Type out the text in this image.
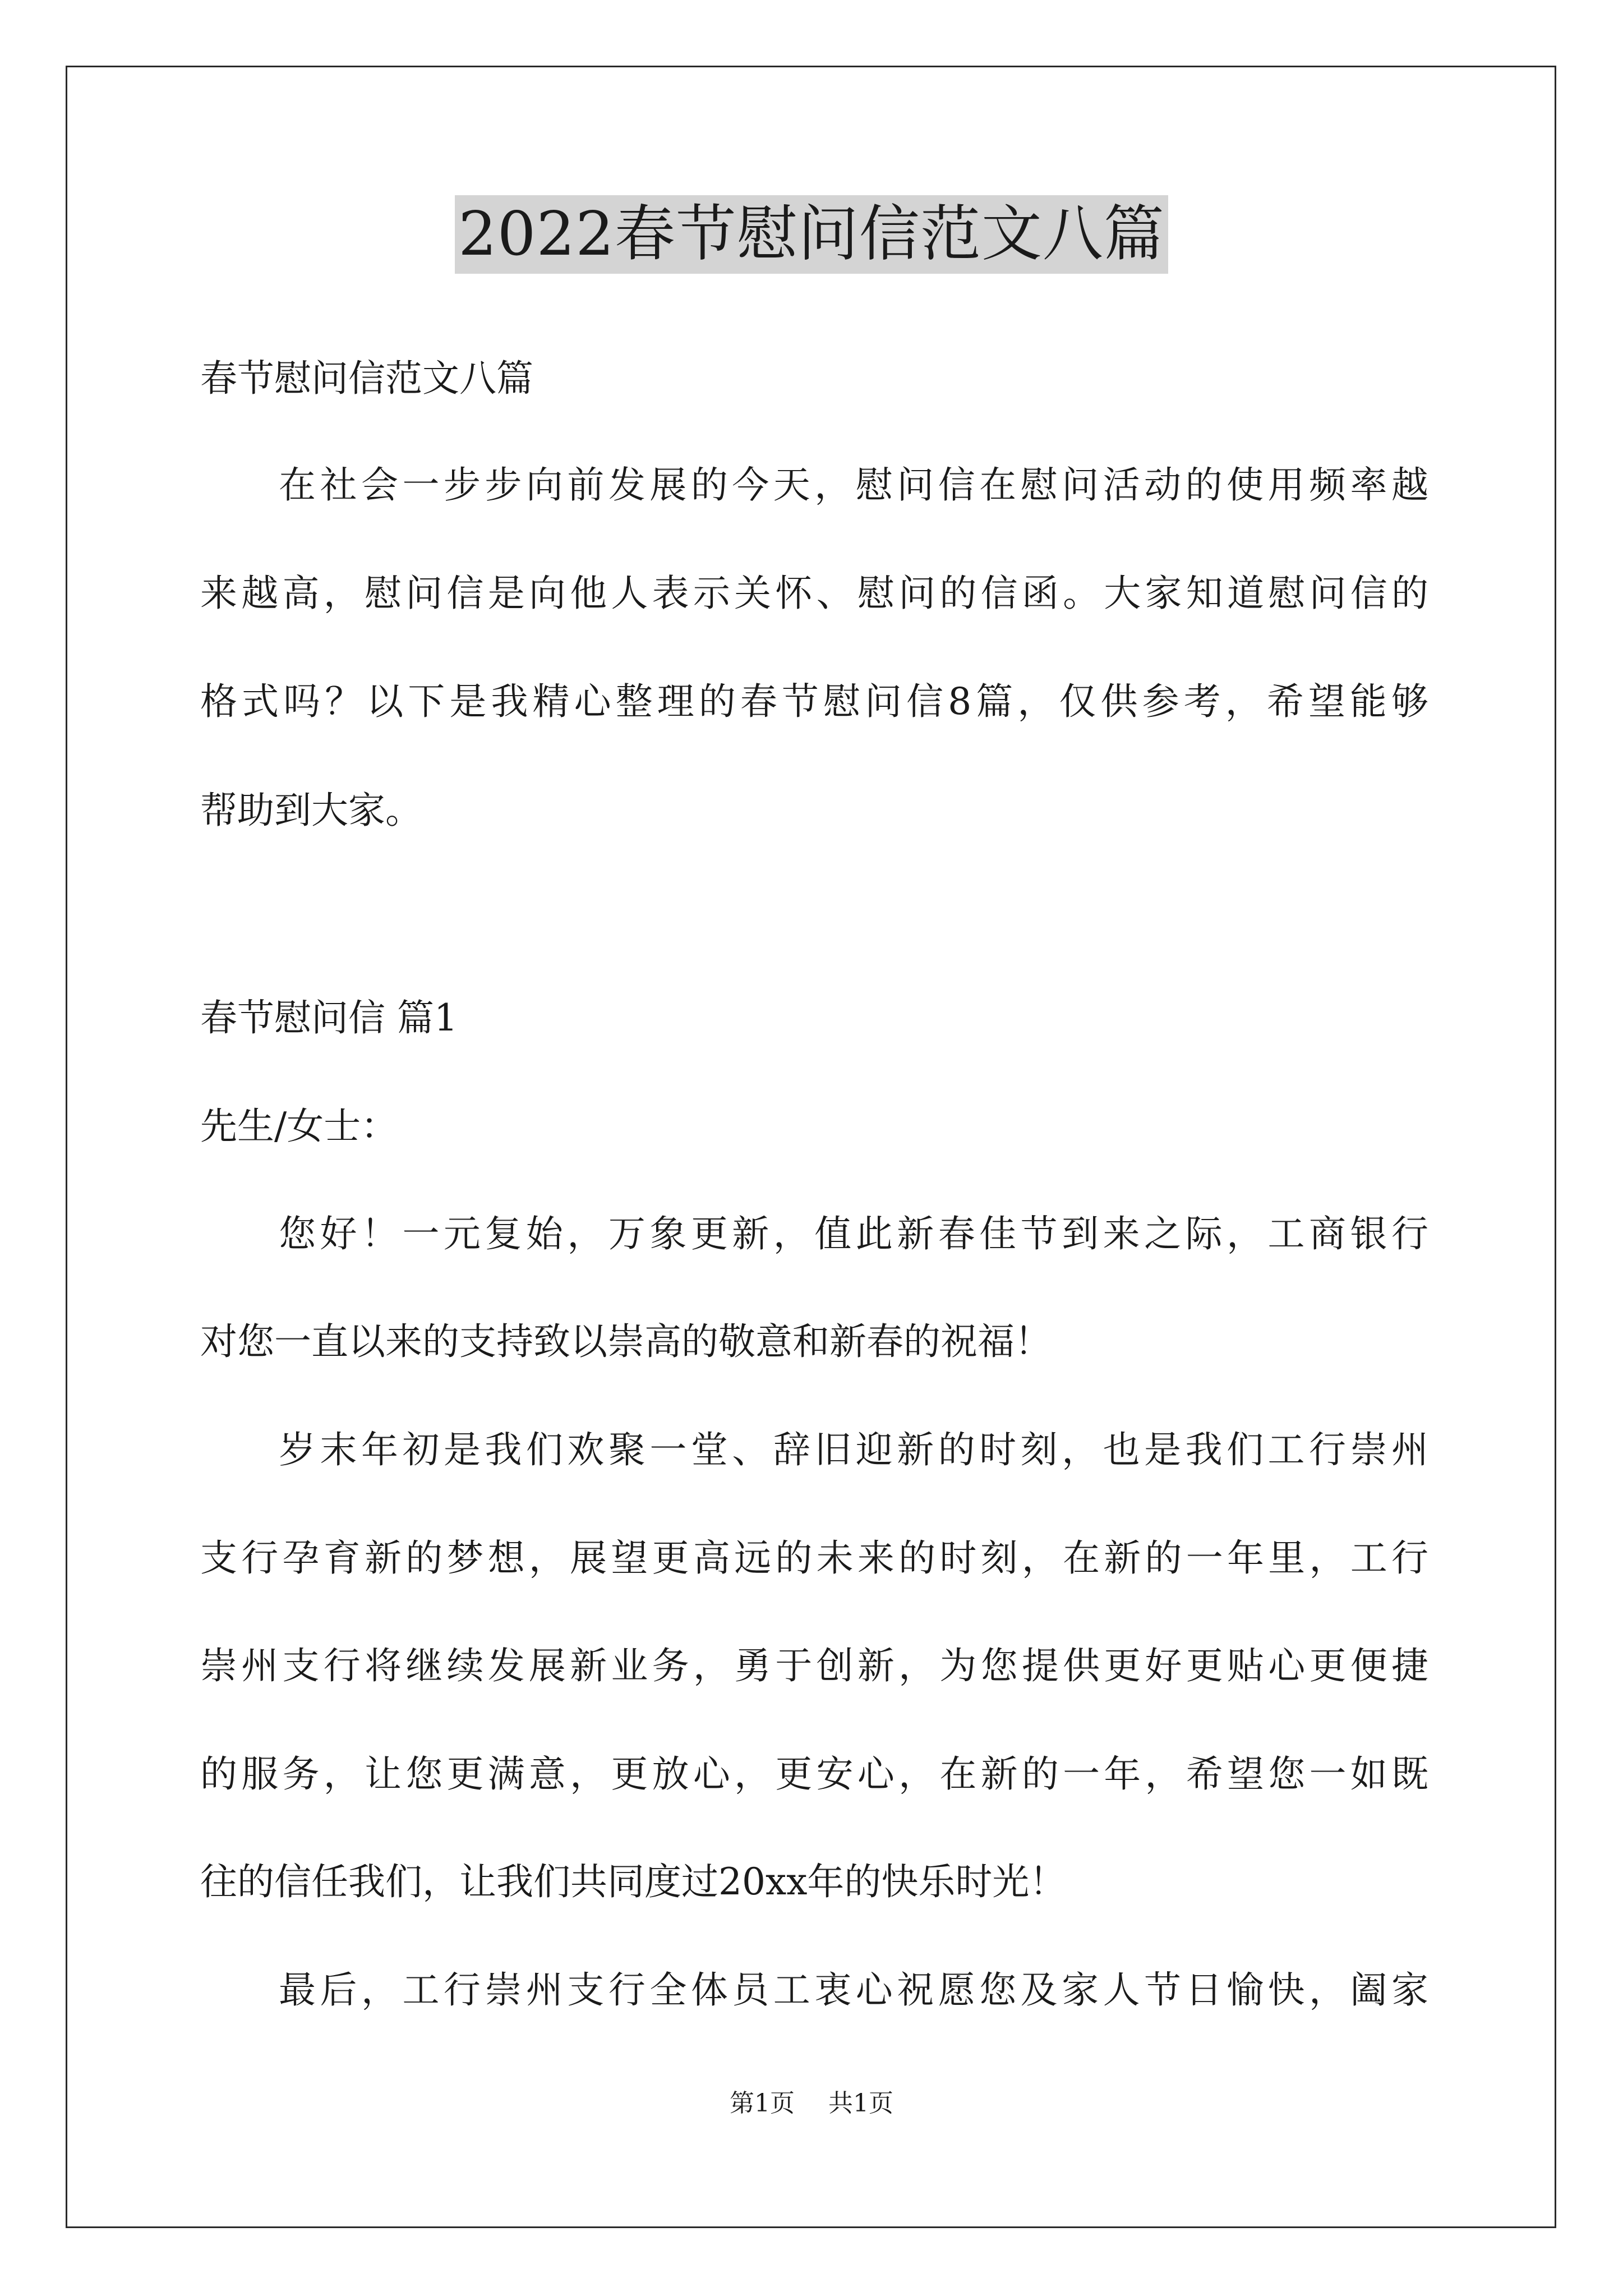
2022春节慰问信范文八篇
春节慰问信范文八篇
在社会一步步向前发展的今天，慰问信在慰问活动的使用频率越
来越高，慰问信是向他人表示关怀、慰问的信函。大家知道慰问信的
格式吗？以下是我精心整理的春节慰问信8篇，仅供参考，希望能够
帮助到大家。
春节慰问信 篇1
先生/女士：
您好！一元复始，万象更新，值此新春佳节到来之际，工商银行
对您一直以来的支持致以崇高的敬意和新春的祝福！
岁末年初是我们欢聚一堂、辞旧迎新的时刻，也是我们工行崇州
支行孕育新的梦想，展望更高远的未来的时刻，在新的一年里，工行
崇州支行将继续发展新业务，勇于创新，为您提供更好更贴心更便捷
的服务，让您更满意，更放心，更安心，在新的一年，希望您一如既
往的信任我们，让我们共同度过20xx年的快乐时光！
最后，工行崇州支行全体员工衷心祝愿您及家人节日愉快，阖家
第1页 共1页
